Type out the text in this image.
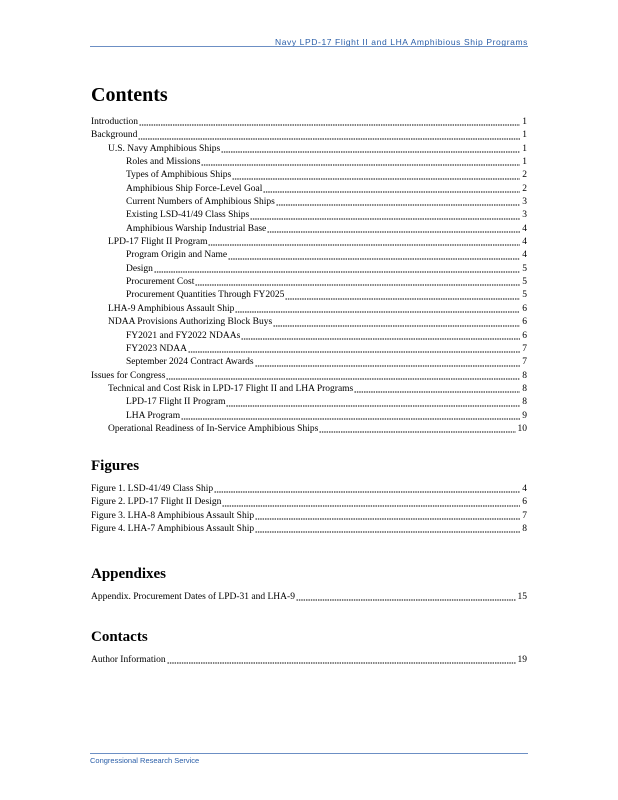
Navy LPD-17 Flight II and LHA Amphibious Ship Programs
Contents
Introduction	1
Background	1
U.S. Navy Amphibious Ships	1
Roles and Missions	1
Types of Amphibious Ships	2
Amphibious Ship Force-Level Goal	2
Current Numbers of Amphibious Ships	3
Existing LSD-41/49 Class Ships	3
Amphibious Warship Industrial Base	4
LPD-17 Flight II Program	4
Program Origin and Name	4
Design	5
Procurement Cost	5
Procurement Quantities Through FY2025	5
LHA-9 Amphibious Assault Ship	6
NDAA Provisions Authorizing Block Buys	6
FY2021 and FY2022 NDAAs	6
FY2023 NDAA	7
September 2024 Contract Awards	7
Issues for Congress	8
Technical and Cost Risk in LPD-17 Flight II and LHA Programs	8
LPD-17 Flight II Program	8
LHA Program	9
Operational Readiness of In-Service Amphibious Ships	10
Figures
Figure 1. LSD-41/49 Class Ship	4
Figure 2. LPD-17 Flight II Design	6
Figure 3. LHA-8 Amphibious Assault Ship	7
Figure 4. LHA-7 Amphibious Assault Ship	8
Appendixes
Appendix. Procurement Dates of LPD-31 and LHA-9	15
Contacts
Author Information	19
Congressional Research Service
